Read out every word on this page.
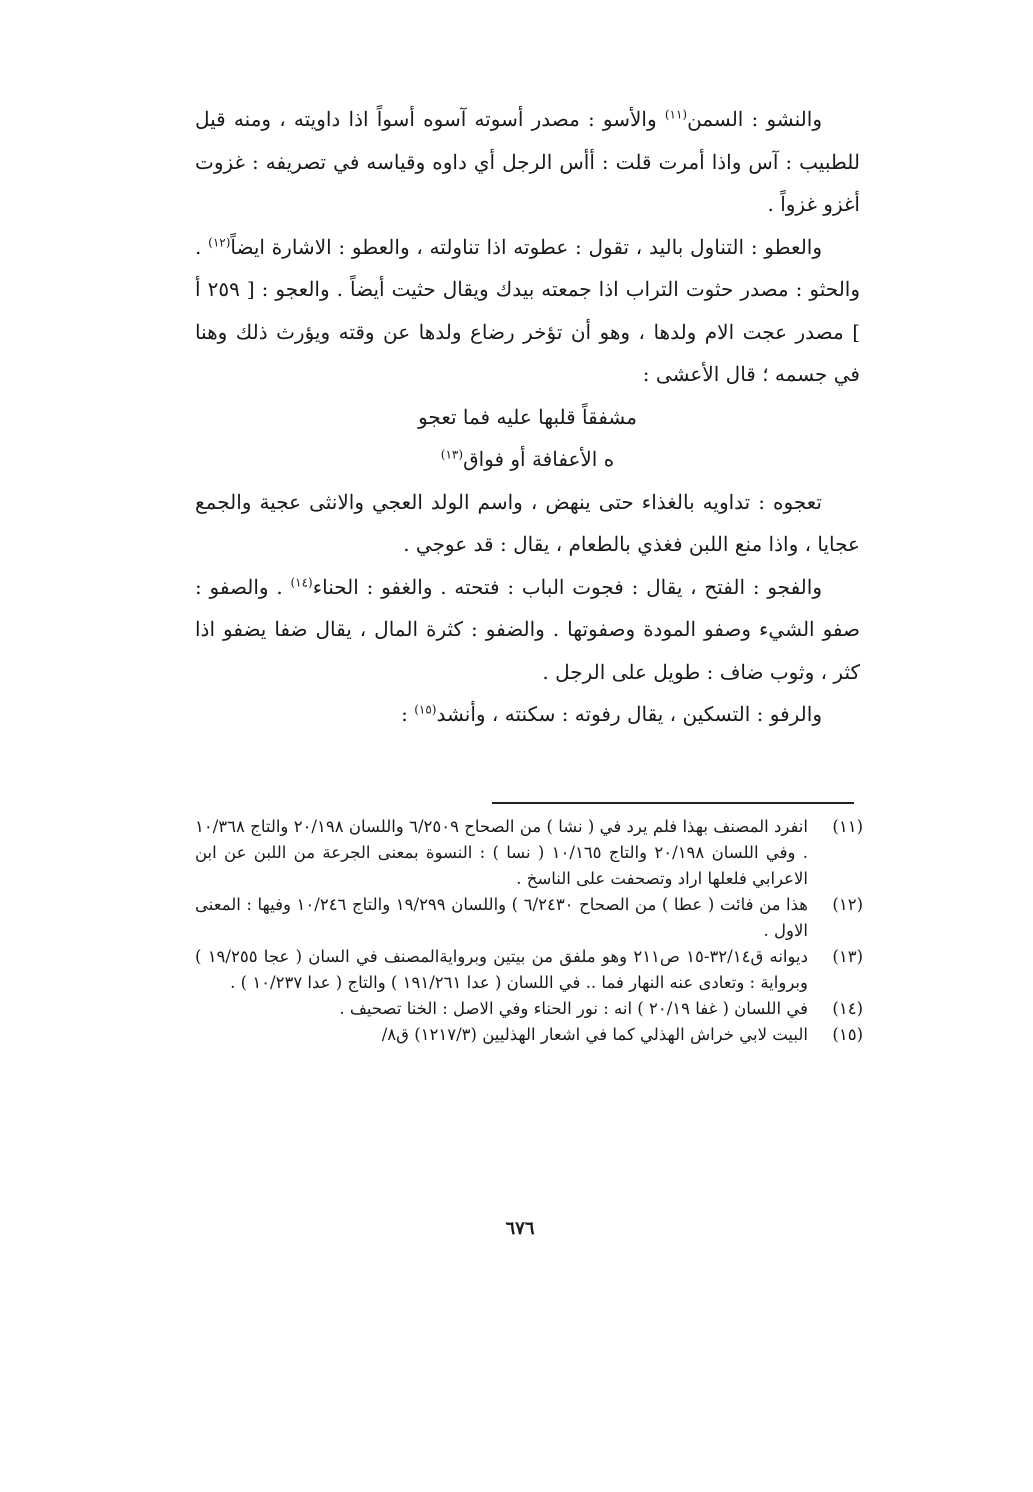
والنشو : السمن$^{(١١)}$ والأسو : مصدر أسوته آسوه أسواً اذا داويته ، ومنه قيل للطبيب : آس واذا أمرت قلت : أأس الرجل أي داوه وقياسه في تصريفه : غزوت أغزو غزواً .

والعطو : التناول باليد ، تقول : عطوته اذا تناولته ، والعطو : الاشارة ايضاً$^{(١٢)}$ . والحثو : مصدر حثوت التراب اذا جمعته بيدك ويقال حثيت أيضاً . والعجو : [ ٢٥٩ أ ] مصدر عجت الام ولدها ، وهو أن تؤخر رضاع ولدها عن وقته ويؤرث ذلك وهنا في جسمه ؛ قال الأعشى :

مشفقاً قلبها عليه فما تعجو

ه الأعفافة أو فواق$^{(١٣)}$

تعجوه : تداويه بالغذاء حتى ينهض ، واسم الولد العجي والانثى عجية والجمع عجايا ، واذا منع اللبن فغذي بالطعام ، يقال : قد عوجي .

والفجو : الفتح ، يقال : فجوت الباب : فتحته . والغفو : الحناء$^{(١٤)}$ . والصفو : صفو الشيء وصفو المودة وصفوتها . والضفو : كثرة المال ، يقال ضفا يضفو اذا كثر ، وثوب ضاف : طويل على الرجل .

والرفو : التسكين ، يقال رفوته : سكنته ، وأنشد$^{(١٥)}$ :

(١١)
انفرد المصنف بهذا فلم يرد في ( نشا ) من الصحاح ٦/٢٥٠٩ واللسان ٢٠/١٩٨ والتاج ١٠/٣٦٨ . وفي اللسان ٢٠/١٩٨ والتاج ١٠/١٦٥ ( نسا ) : النسوة بمعنى الجرعة من اللبن عن ابن الاعرابي فلعلها اراد وتصحفت على الناسخ .
(١٢)
هذا من فائت ( عطا ) من الصحاح ٦/٢٤٣٠ ) واللسان ١٩/٢٩٩ والتاج ١٠/٢٤٦ وفيها : المعنى الاول .
(١٣)
ديوانه ق٣٢/١٤-١٥ ص٢١١ وهو ملفق من بيتين وبروايةالمصنف في السان ( عجا ١٩/٢٥٥ ) وبرواية : وتعادى عنه النهار فما .. في اللسان ( عدا ١٩١/٢٦١ ) والتاج ( عدا ١٠/٢٣٧ ) .
(١٤)
في اللسان ( غفا ٢٠/١٩ ) انه : نور الحناء وفي الاصل : الخنا تصحيف .
(١٥)
البيت لابي خراش الهذلي كما في اشعار الهذليين (١٢١٧/٣) ق٨/
٦٧٦
